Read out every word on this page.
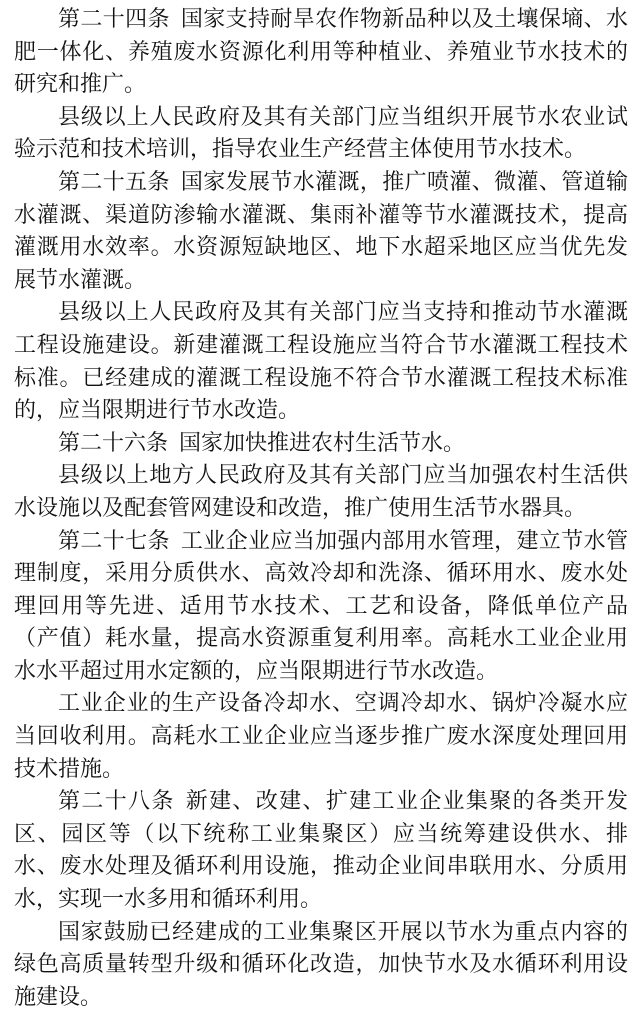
第二十四条 国家支持耐旱农作物新品种以及土壤保墒、水肥一体化、养殖废水资源化利用等种植业、养殖业节水技术的研究和推广。

县级以上人民政府及其有关部门应当组织开展节水农业试验示范和技术培训，指导农业生产经营主体使用节水技术。

第二十五条 国家发展节水灌溉，推广喷灌、微灌、管道输水灌溉、渠道防渗输水灌溉、集雨补灌等节水灌溉技术，提高灌溉用水效率。水资源短缺地区、地下水超采地区应当优先发展节水灌溉。

县级以上人民政府及其有关部门应当支持和推动节水灌溉工程设施建设。新建灌溉工程设施应当符合节水灌溉工程技术标准。已经建成的灌溉工程设施不符合节水灌溉工程技术标准的，应当限期进行节水改造。

第二十六条 国家加快推进农村生活节水。

县级以上地方人民政府及其有关部门应当加强农村生活供水设施以及配套管网建设和改造，推广使用生活节水器具。

第二十七条 工业企业应当加强内部用水管理，建立节水管理制度，采用分质供水、高效冷却和洗涤、循环用水、废水处理回用等先进、适用节水技术、工艺和设备，降低单位产品（产值）耗水量，提高水资源重复利用率。高耗水工业企业用水水平超过用水定额的，应当限期进行节水改造。

工业企业的生产设备冷却水、空调冷却水、锅炉冷凝水应当回收利用。高耗水工业企业应当逐步推广废水深度处理回用技术措施。

第二十八条 新建、改建、扩建工业企业集聚的各类开发区、园区等（以下统称工业集聚区）应当统筹建设供水、排水、废水处理及循环利用设施，推动企业间串联用水、分质用水，实现一水多用和循环利用。

国家鼓励已经建成的工业集聚区开展以节水为重点内容的绿色高质量转型升级和循环化改造，加快节水及水循环利用设施建设。
